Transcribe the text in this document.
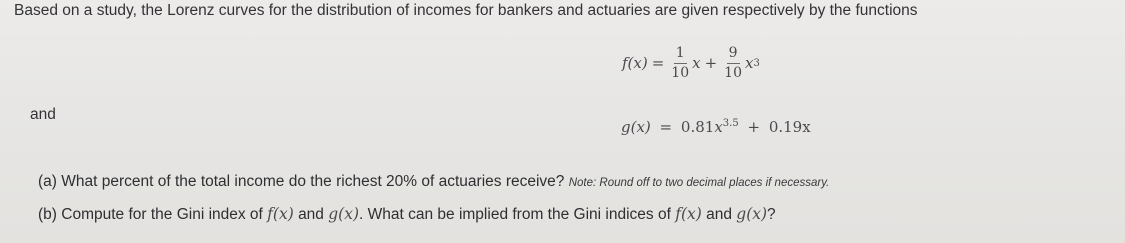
Based on a study, the Lorenz curves for the distribution of incomes for bankers and actuaries are given respectively by the functions
$f(x) = \frac{1}{10}$ $x + \frac{9}{10}$ x 3
and
$g(x) = 0.81x^{3.5} + 0.19x$
(a) What percent of the total income do the richest 20% of actuaries receive? Note: Round off to two decimal places if necessary.
(b) Compute for the Gini index of f(x) and g(x). What can be implied from the Gini indices of f(x) and g(x)?
